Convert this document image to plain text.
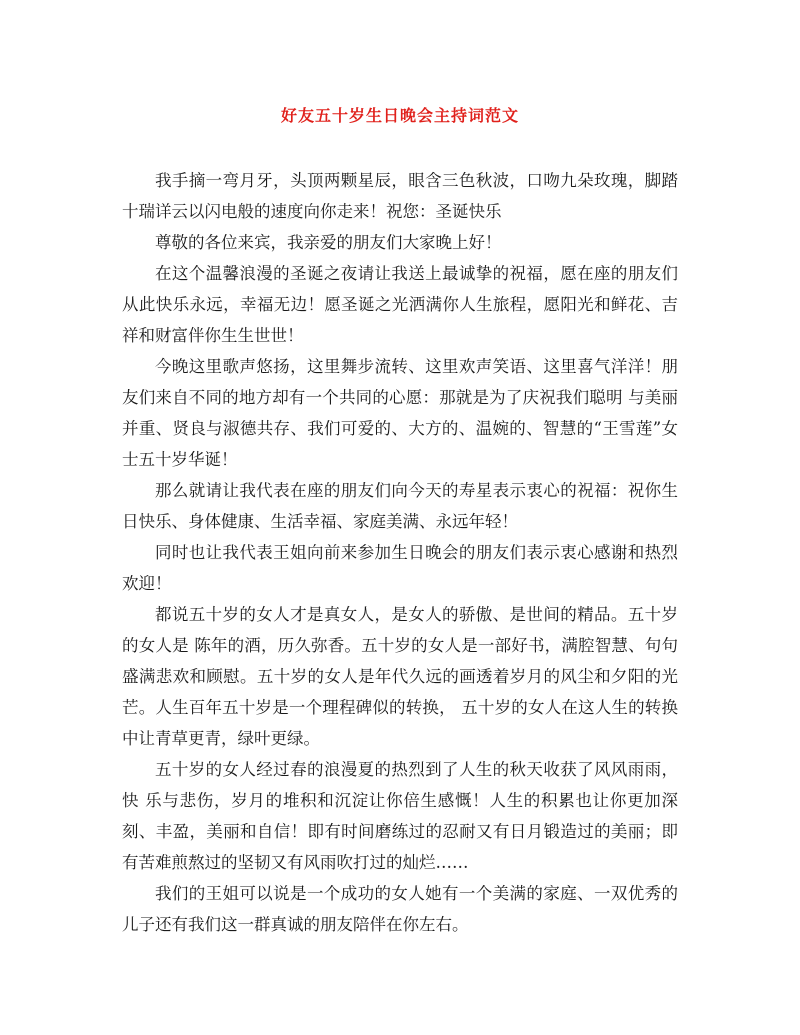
好友五十岁生日晚会主持词范文

我手摘一弯月牙，头顶两颗星辰，眼含三色秋波，口吻九朵玫瑰，脚踏十瑞详云以闪电般的速度向你走来！祝您：圣诞快乐

尊敬的各位来宾，我亲爱的朋友们大家晚上好！

在这个温馨浪漫的圣诞之夜请让我送上最诚挚的祝福，愿在座的朋友们从此快乐永远，幸福无边！愿圣诞之光洒满你人生旅程，愿阳光和鲜花、吉祥和财富伴你生生世世！

今晚这里歌声悠扬，这里舞步流转、这里欢声笑语、这里喜气洋洋！朋友们来自不同的地方却有一个共同的心愿：那就是为了庆祝我们聪明 与美丽并重、贤良与淑德共存、我们可爱的、大方的、温婉的、智慧的“王雪莲”女士五十岁华诞！

那么就请让我代表在座的朋友们向今天的寿星表示衷心的祝福：祝你生日快乐、身体健康、生活幸福、家庭美满、永远年轻！

同时也让我代表王姐向前来参加生日晚会的朋友们表示衷心感谢和热烈欢迎！

都说五十岁的女人才是真女人，是女人的骄傲、是世间的精品。五十岁的女人是 陈年的酒，历久弥香。五十岁的女人是一部好书，满腔智慧、句句盛满悲欢和顾慰。五十岁的女人是年代久远的画透着岁月的风尘和夕阳的光芒。人生百年五十岁是一个理程碑似的转换， 五十岁的女人在这人生的转换中让青草更青，绿叶更绿。

五十岁的女人经过春的浪漫夏的热烈到了人生的秋天收获了风风雨雨，快 乐与悲伤，岁月的堆积和沉淀让你倍生感慨！人生的积累也让你更加深刻、丰盈，美丽和自信！即有时间磨练过的忍耐又有日月锻造过的美丽；即有苦难煎熬过的坚韧又有风雨吹打过的灿烂……

我们的王姐可以说是一个成功的女人她有一个美满的家庭、一双优秀的儿子还有我们这一群真诚的朋友陪伴在你左右。
